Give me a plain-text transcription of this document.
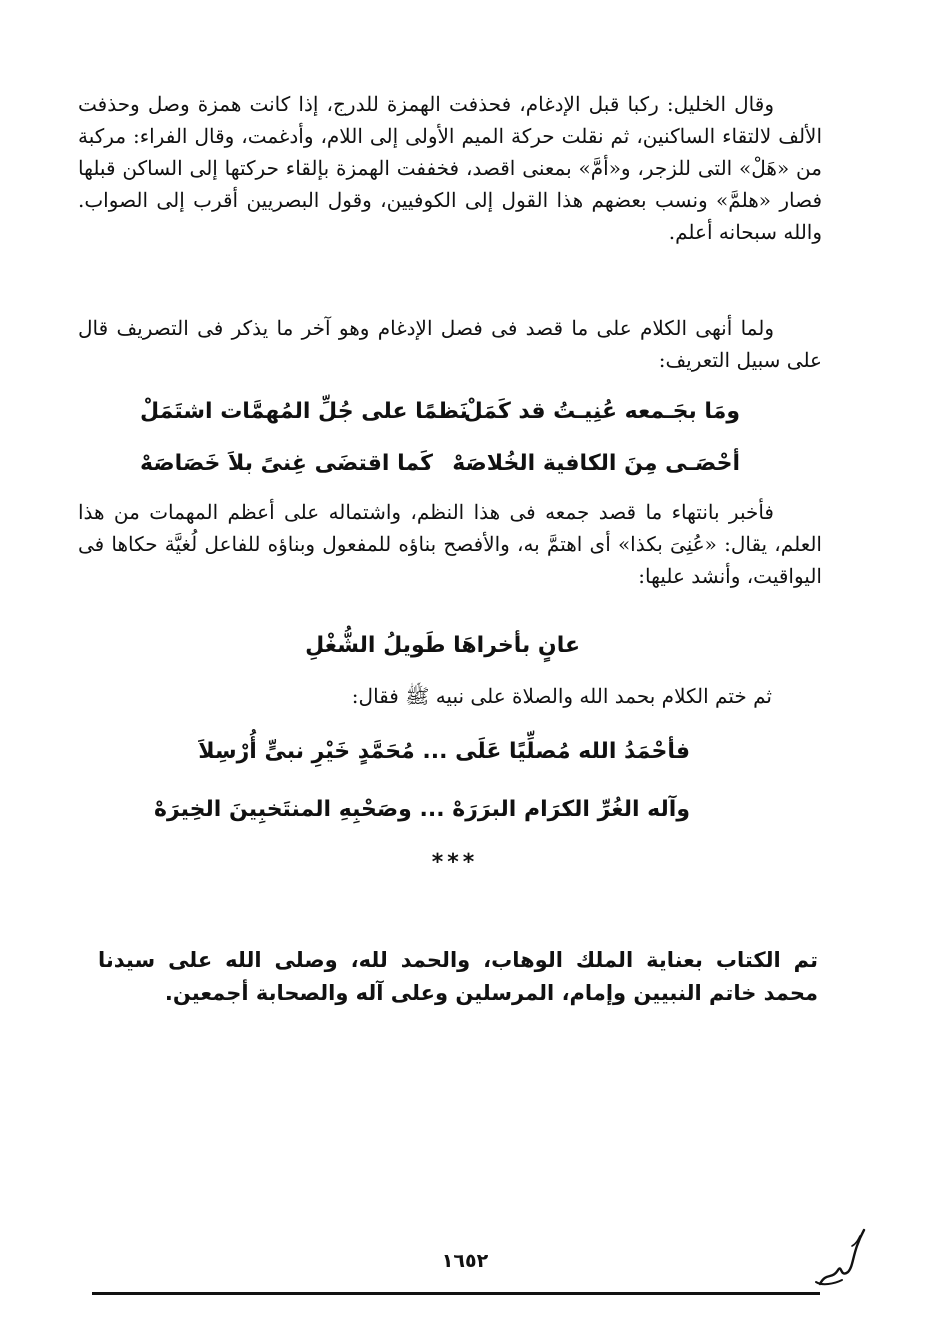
وقال الخليل: ركبا قبل الإدغام، فحذفت الهمزة للدرج، إذا كانت همزة وصل وحذفت الألف لالتقاء الساكنين، ثم نقلت حركة الميم الأولى إلى اللام، وأدغمت، وقال الفراء: مركبة من «هَلْ» التى للزجر، و«أمَّ» بمعنى اقصد، فخففت الهمزة بإلقاء حركتها إلى الساكن قبلها فصار «هلمَّ» ونسب بعضهم هذا القول إلى الكوفيين، وقول البصريين أقرب إلى الصواب. والله سبحانه أعلم.

ولما أنهى الكلام على ما قصد فى فصل الإدغام وهو آخر ما يذكر فى التصريف قال على سبيل التعريف:

ومَا بجَـمعه عُنِيـتُ قد كَمَلْ
نَظمًا على جُلِّ المُهمَّات اشتَمَلْ
أحْصَـى مِنَ الكافية الخُلاصَهْ
كَما اقتضَى غِنىً بلاَ خَصَاصَهْ

فأخبر بانتهاء ما قصد جمعه فى هذا النظم، واشتماله على أعظم المهمات من هذا العلم، يقال: «عُنِىَ بكذا» أى اهتمَّ به، والأفصح بناؤه للمفعول وبناؤه للفاعل لُغيَّة حكاها فى اليواقيت، وأنشد عليها:

عانٍ بأخراهَا طَويلُ الشُّغْلِ

ثم ختم الكلام بحمد الله والصلاة على نبيه ﷺ فقال:

فأحْمَدُ الله مُصلِّيًا عَلَى ... مُحَمَّدٍ خَيْرِ نبىٍّ أُرْسِلاَ
وآله الغُرِّ الكرَام البرَرَهْ ... وصَحْبِهِ المنتَخبِينَ الخِيرَهْ
***

تم الكتاب بعناية الملك الوهاب، والحمد لله، وصلى الله على سيدنا محمد خاتم النبيين وإمام، المرسلين وعلى آله والصحابة أجمعين.

١٦٥٢
